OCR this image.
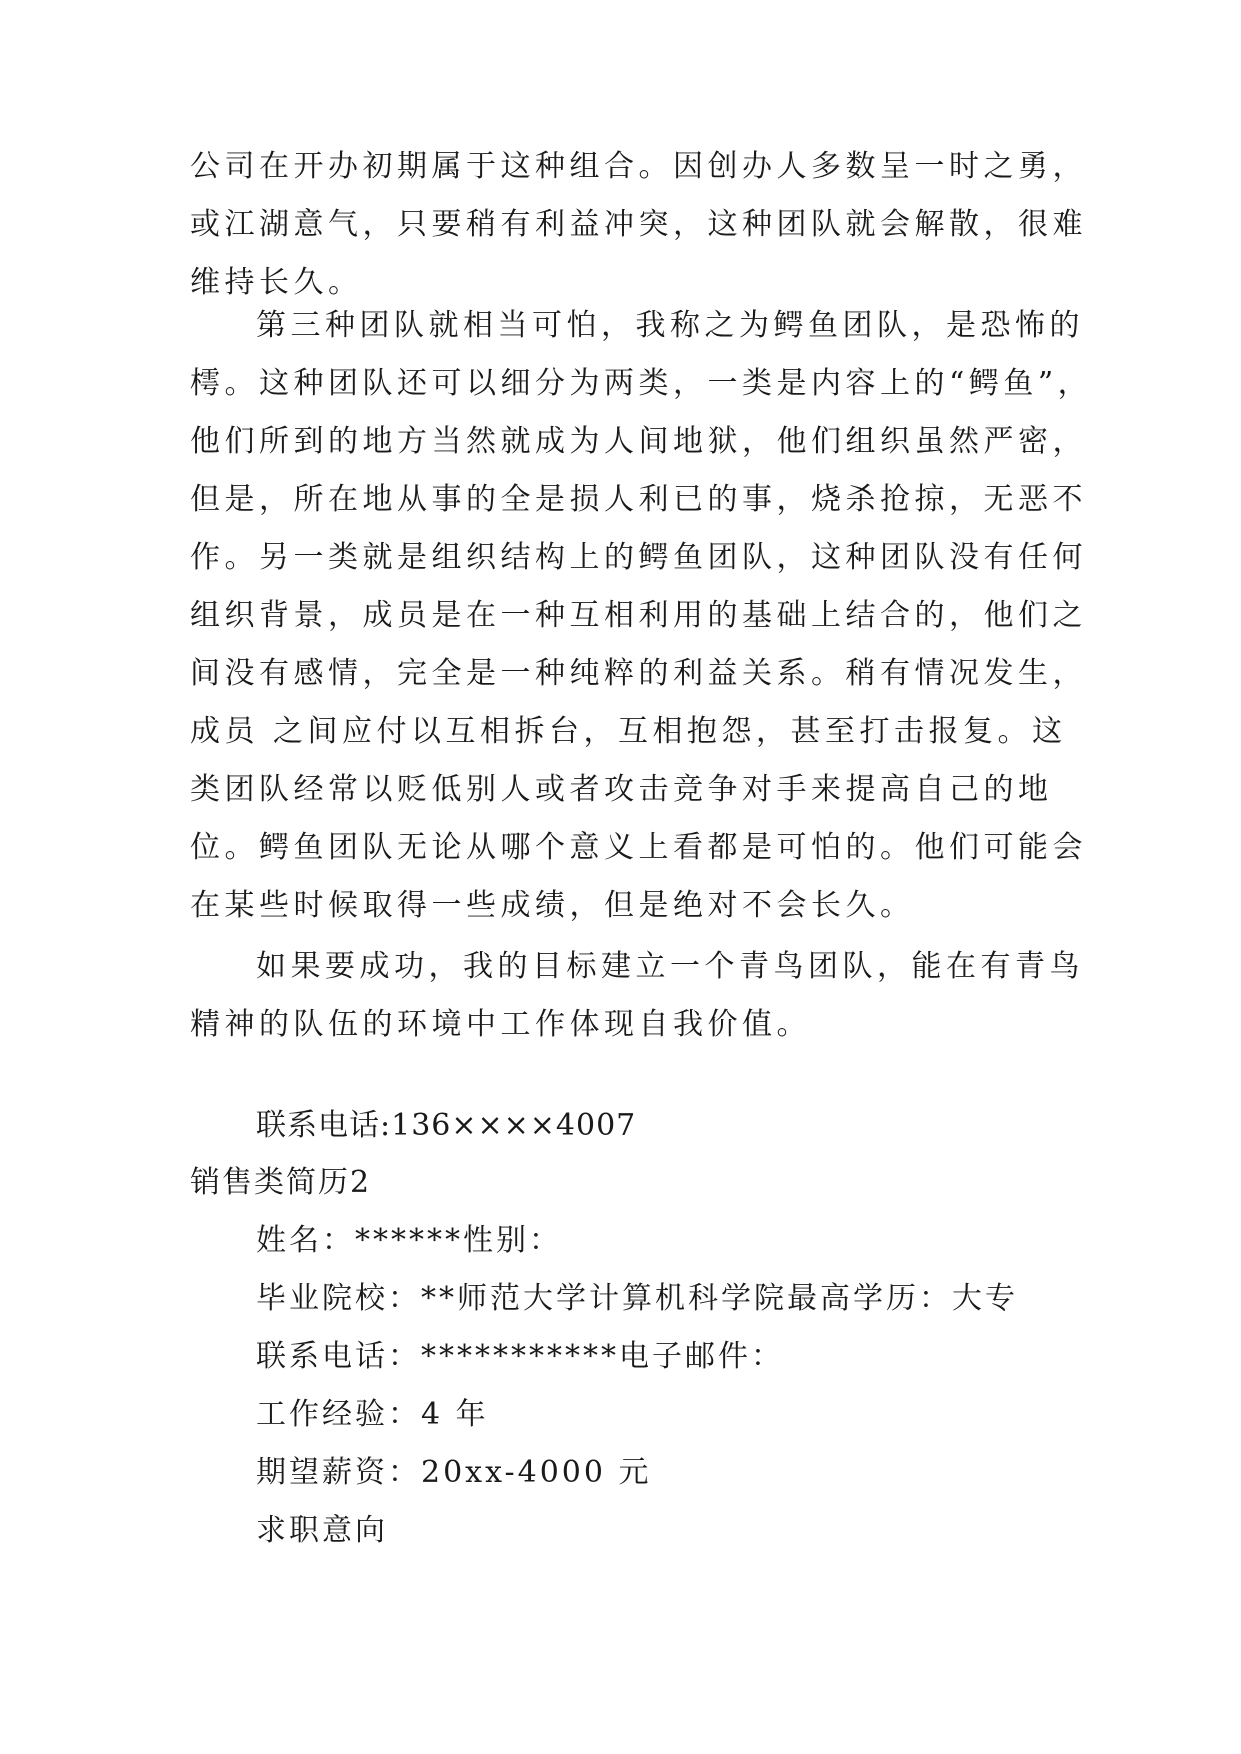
公司在开办初期属于这种组合。因创办人多数呈一时之勇，
或江湖意气，只要稍有利益冲突，这种团队就会解散，很难
维持长久。
第三种团队就相当可怕，我称之为鳄鱼团队，是恐怖的
樗。这种团队还可以细分为两类，一类是内容上的“鳄鱼”，
他们所到的地方当然就成为人间地狱，他们组织虽然严密，
但是，所在地从事的全是损人利已的事，烧杀抢掠，无恶不
作。另一类就是组织结构上的鳄鱼团队，这种团队没有任何
组织背景，成员是在一种互相利用的基础上结合的，他们之
间没有感情，完全是一种纯粹的利益关系。稍有情况发生，
成员 之间应付以互相拆台，互相抱怨，甚至打击报复。这
类团队经常以贬低别人或者攻击竞争对手来提高自己的地
位。鳄鱼团队无论从哪个意义上看都是可怕的。他们可能会
在某些时候取得一些成绩，但是绝对不会长久。
如果要成功，我的目标建立一个青鸟团队，能在有青鸟
精神的队伍的环境中工作体现自我价值。
联系电话:136××××4007
销售类简历2
姓名：******性别：
毕业院校：**师范大学计算机科学院最高学历：大专
联系电话：***********电子邮件：
工作经验：4 年
期望薪资：20xx-4000 元
求职意向
